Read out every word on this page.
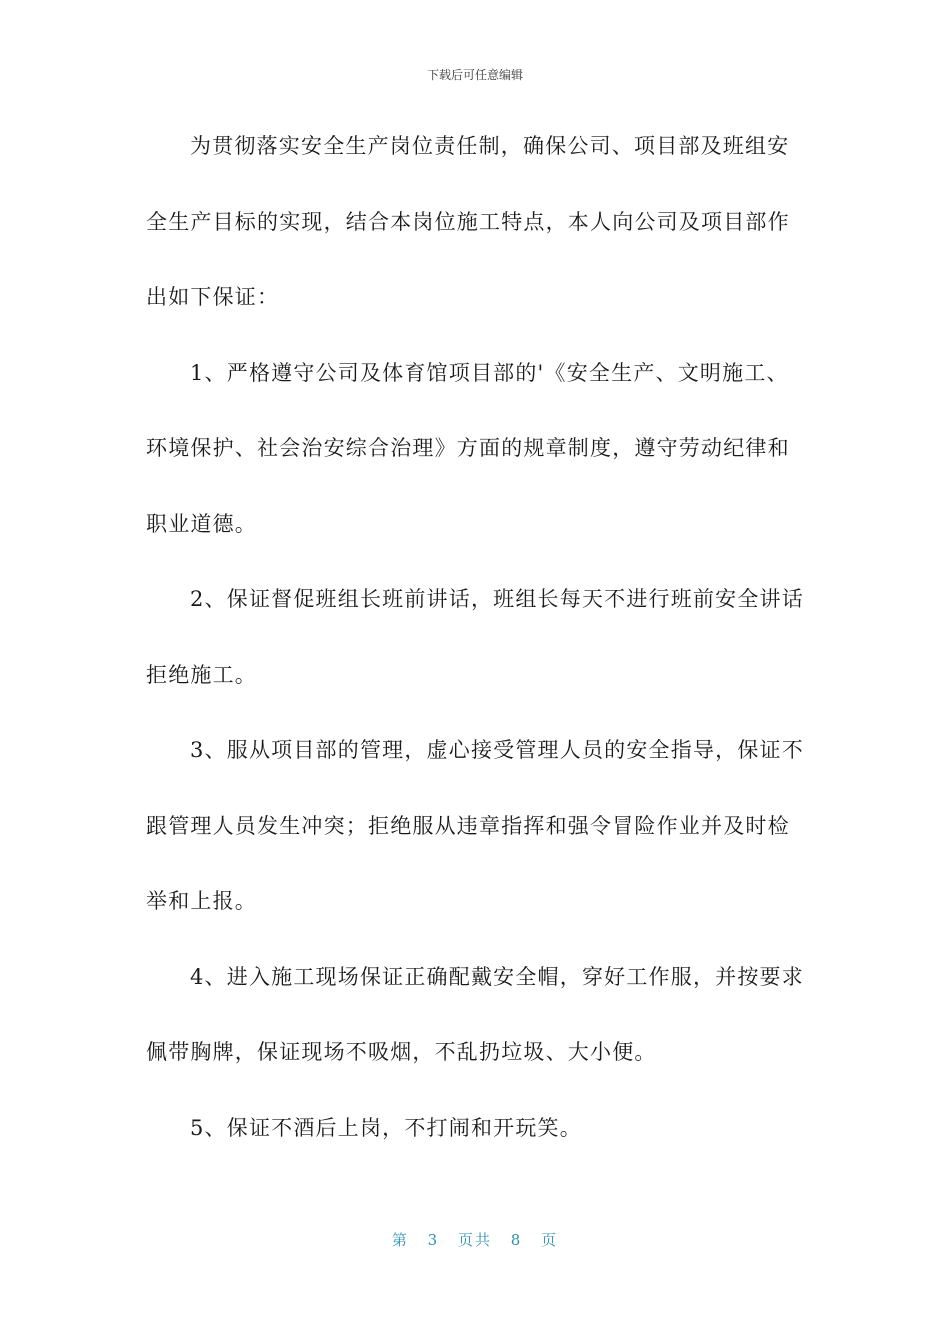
下载后可任意编辑
为贯彻落实安全生产岗位责任制，确保公司、项目部及班组安
全生产目标的实现，结合本岗位施工特点，本人向公司及项目部作
出如下保证：
1、严格遵守公司及体育馆项目部的'《安全生产、文明施工、
环境保护、社会治安综合治理》方面的规章制度，遵守劳动纪律和
职业道德。
2、保证督促班组长班前讲话，班组长每天不进行班前安全讲话
拒绝施工。
3、服从项目部的管理，虚心接受管理人员的安全指导，保证不
跟管理人员发生冲突；拒绝服从违章指挥和强令冒险作业并及时检
举和上报。
4、进入施工现场保证正确配戴安全帽，穿好工作服，并按要求
佩带胸牌，保证现场不吸烟，不乱扔垃圾、大小便。
5、保证不酒后上岗，不打闹和开玩笑。
第 3 页共 8 页
